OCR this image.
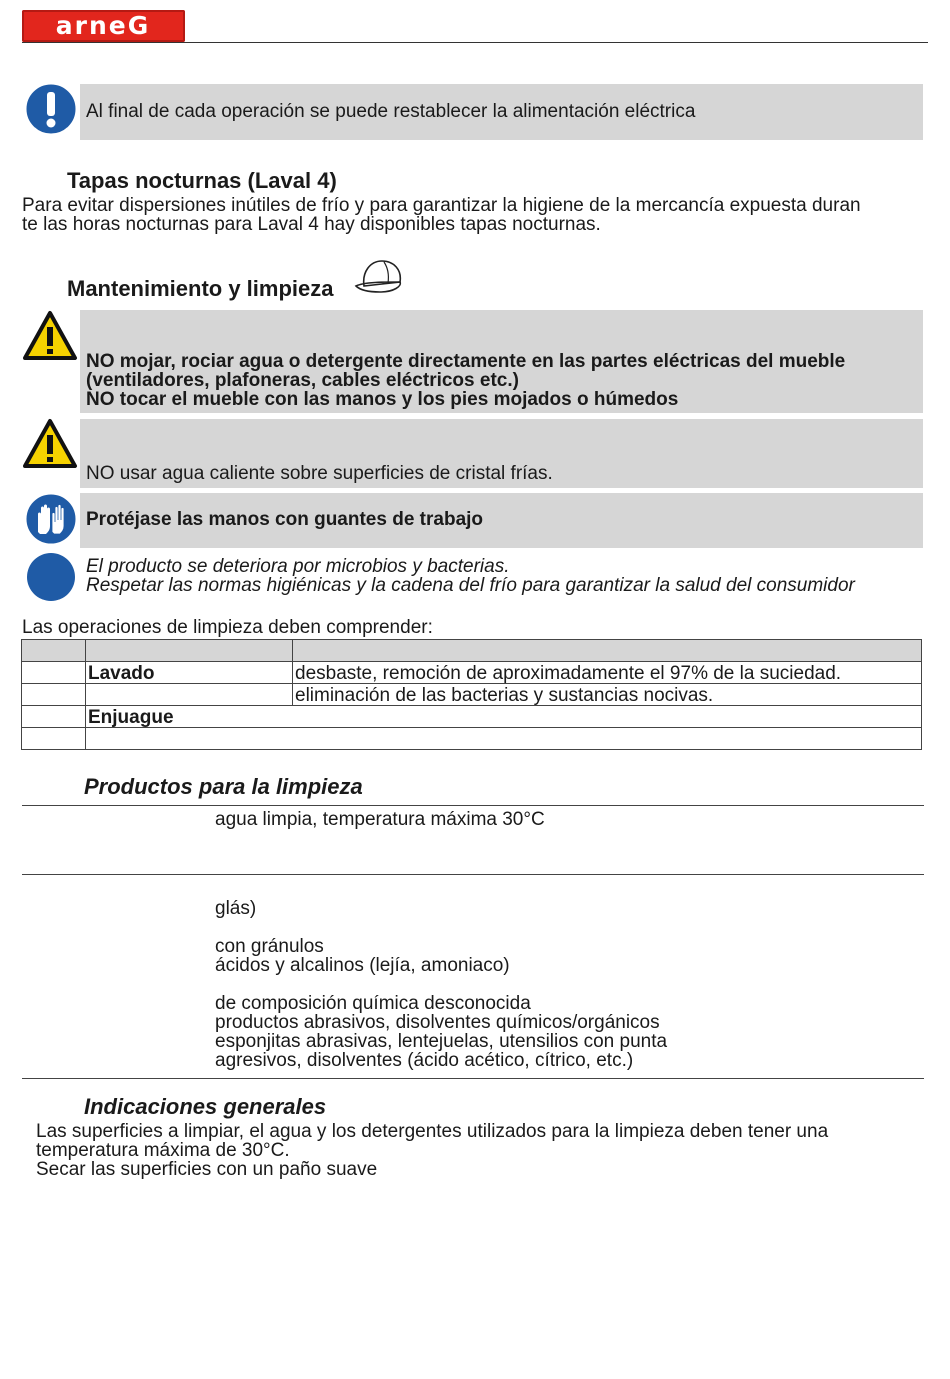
arneG
Al final de cada operación se puede restablecer la alimentación eléctrica
Tapas nocturnas (Laval 4)
Para evitar dispersiones inútiles de frío y para garantizar la higiene de la mercancía expuesta duran
te las horas nocturnas para Laval 4 hay disponibles tapas nocturnas.
Mantenimiento y limpieza
NO mojar, rociar agua o detergente directamente en las partes eléctricas del mueble
(ventiladores, plafoneras, cables eléctricos etc.)
NO tocar el mueble con las manos y los pies mojados o húmedos
NO usar agua caliente sobre superficies de cristal frías.
Protéjase las manos con guantes de trabajo
El producto se deteriora por microbios y bacterias.
Respetar las normas higiénicas y la cadena del frío para garantizar la salud del consumidor
Las operaciones de limpieza deben comprender:

	Lavado	desbaste, remoción de aproximadamente el 97% de la suciedad.
		eliminación de las bacterias y sustancias nocivas.
	Enjuague	

Productos para la limpieza
agua limpia, temperatura máxima 30°C
glás)
con gránulos
ácidos y alcalinos (lejía, amoniaco)
de composición química desconocida
productos abrasivos, disolventes químicos/orgánicos
esponjitas abrasivas, lentejuelas, utensilios con punta
agresivos, disolventes (ácido acético, cítrico, etc.)
Indicaciones generales
Las superficies a limpiar, el agua y los detergentes utilizados para la limpieza deben tener una
temperatura máxima de 30°C.
Secar las superficies con un paño suave
